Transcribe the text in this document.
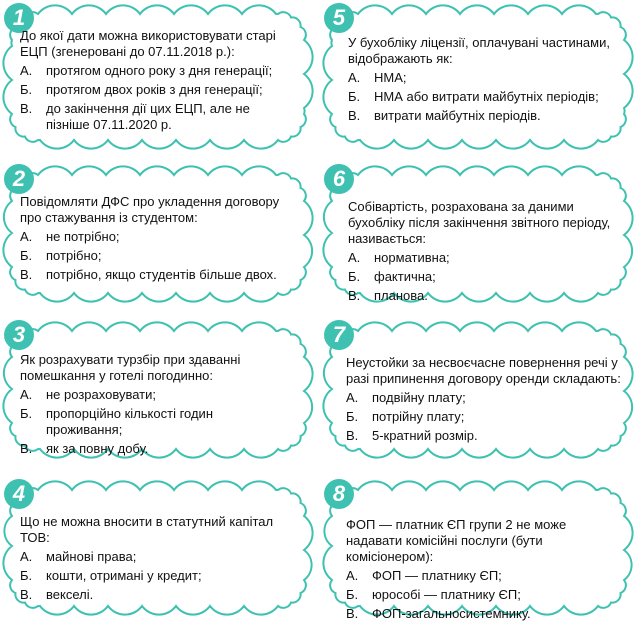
1
До якої дати можна використовувати старі ЕЦП (згенеровані до 07.11.2018 р.):
А.	протягом одного року з дня генерації;
Б.	протягом двох років з дня генерації;
В.	до закінчення дії цих ЕЦП, але не пізніше 07.11.2020 р.
2
Повідомляти ДФС про укладення договору про стажування із студентом:
А.	не потрібно;
Б.	потрібно;
В.	потрібно, якщо студентів більше двох.
3
Як розрахувати турзбір при здаванні помешкання у готелі погодинно:
А.	не розраховувати;
Б.	пропорційно кількості годин проживання;
В.	як за повну добу.
4
Що не можна вносити в статутний капітал ТОВ:
А.	майнові права;
Б.	кошти, отримані у кредит;
В.	векселі.
5
У бухобліку ліцензії, оплачувані частинами, відображають як:
А.	НМА;
Б.	НМА або витрати майбутніх періодів;
В.	витрати майбутніх періодів.
6
Собівартість, розрахована за даними бухобліку після закінчення звітного періоду, називається:
А.	нормативна;
Б.	фактична;
В.	планова.
7
Неустойки за несвоєчасне повернення речі у разі припинення договору оренди складають:
А.	подвійну плату;
Б.	потрійну плату;
В.	5-кратний розмір.
8
ФОП — платник ЄП групи 2 не може надавати комісійні послуги (бути комісіонером):
А.	ФОП — платнику ЄП;
Б.	юрособі — платнику ЄП;
В.	ФОП-загальносистемнику.
